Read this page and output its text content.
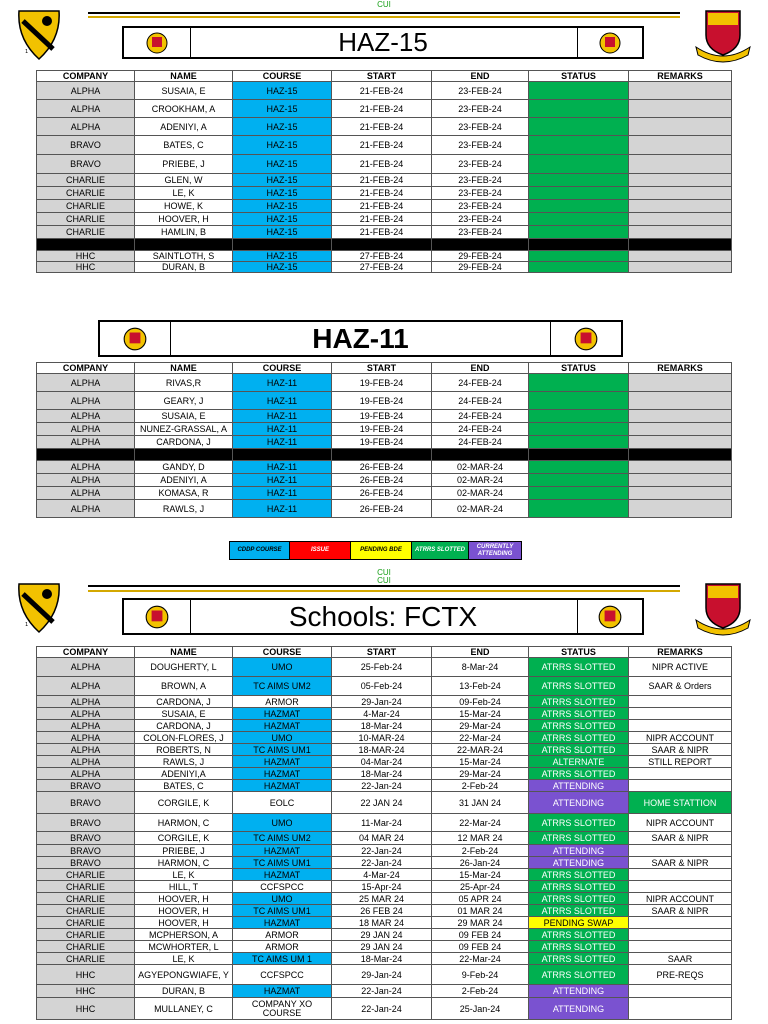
CUI
1	HAZ-15
COMPANY	NAME	COURSE	START	END	STATUS	REMARKS
ALPHA	SUSAIA, E	HAZ-15	21-FEB-24	23-FEB-24		
ALPHA	CROOKHAM, A	HAZ-15	21-FEB-24	23-FEB-24		
ALPHA	ADENIYI, A	HAZ-15	21-FEB-24	23-FEB-24		
BRAVO	BATES, C	HAZ-15	21-FEB-24	23-FEB-24		
BRAVO	PRIEBE, J	HAZ-15	21-FEB-24	23-FEB-24		
CHARLIE	GLEN, W	HAZ-15	21-FEB-24	23-FEB-24		
CHARLIE	LE, K	HAZ-15	21-FEB-24	23-FEB-24		
CHARLIE	HOWE, K	HAZ-15	21-FEB-24	23-FEB-24		
CHARLIE	HOOVER, H	HAZ-15	21-FEB-24	23-FEB-24		
CHARLIE	HAMLIN, B	HAZ-15	21-FEB-24	23-FEB-24		

HHC	SAINTLOTH, S	HAZ-15	27-FEB-24	29-FEB-24		
HHC	DURAN, B	HAZ-15	27-FEB-24	29-FEB-24		
HAZ-11
COMPANY	NAME	COURSE	START	END	STATUS	REMARKS
ALPHA	RIVAS,R	HAZ-11	19-FEB-24	24-FEB-24		
ALPHA	GEARY, J	HAZ-11	19-FEB-24	24-FEB-24		
ALPHA	SUSAIA, E	HAZ-11	19-FEB-24	24-FEB-24		
ALPHA	NUNEZ-GRASSAL, A	HAZ-11	19-FEB-24	24-FEB-24		
ALPHA	CARDONA, J	HAZ-11	19-FEB-24	24-FEB-24		

ALPHA	GANDY, D	HAZ-11	26-FEB-24	02-MAR-24		
ALPHA	ADENIYI, A	HAZ-11	26-FEB-24	02-MAR-24		
ALPHA	KOMASA, R	HAZ-11	26-FEB-24	02-MAR-24		
ALPHA	RAWLS, J	HAZ-11	26-FEB-24	02-MAR-24		
CDDP COURSE	ISSUE	PENDING BDE	ATRRS SLOTTED
CURRENTLY ATTENDING
CUI
CUI
1	Schools: FCTX
COMPANY	NAME	COURSE	START	END	STATUS	REMARKS
ALPHA	DOUGHERTY, L	UMO	25-Feb-24	8-Mar-24	ATRRS SLOTTED	NIPR ACTIVE
ALPHA	BROWN, A	TC AIMS UM2	05-Feb-24	13-Feb-24	ATRRS SLOTTED	SAAR & Orders
ALPHA	CARDONA, J	ARMOR	29-Jan-24	09-Feb-24	ATRRS SLOTTED	
ALPHA	SUSAIA, E	HAZMAT	4-Mar-24	15-Mar-24	ATRRS SLOTTED	
ALPHA	CARDONA, J	HAZMAT	18-Mar-24	29-Mar-24	ATRRS SLOTTED	
ALPHA	COLON-FLORES, J	UMO	10-MAR-24	22-Mar-24	ATRRS SLOTTED	NIPR ACCOUNT
ALPHA	ROBERTS, N	TC AIMS UM1	18-MAR-24	22-MAR-24	ATRRS SLOTTED	SAAR & NIPR
ALPHA	RAWLS, J	HAZMAT	04-Mar-24	15-Mar-24	ALTERNATE	STILL REPORT
ALPHA	ADENIYI,A	HAZMAT	18-Mar-24	29-Mar-24	ATRRS SLOTTED	
BRAVO	BATES, C	HAZMAT	22-Jan-24	2-Feb-24	ATTENDING	
BRAVO	CORGILE, K	EOLC	22 JAN 24	31 JAN 24	ATTENDING	HOME STATTION
BRAVO	HARMON, C	UMO	11-Mar-24	22-Mar-24	ATRRS SLOTTED	NIPR ACCOUNT
BRAVO	CORGILE, K	TC AIMS UM2	04 MAR 24	12 MAR 24	ATRRS SLOTTED	SAAR & NIPR
BRAVO	PRIEBE, J	HAZMAT	22-Jan-24	2-Feb-24	ATTENDING	
BRAVO	HARMON, C	TC AIMS UM1	22-Jan-24	26-Jan-24	ATTENDING	SAAR & NIPR
CHARLIE	LE, K	HAZMAT	4-Mar-24	15-Mar-24	ATRRS SLOTTED	
CHARLIE	HILL, T	CCFSPCC	15-Apr-24	25-Apr-24	ATRRS SLOTTED	
CHARLIE	HOOVER, H	UMO	25 MAR 24	05 APR 24	ATRRS SLOTTED	NIPR ACCOUNT
CHARLIE	HOOVER, H	TC AIMS UM1	26 FEB 24	01 MAR 24	ATRRS SLOTTED	SAAR & NIPR
CHARLIE	HOOVER, H	HAZMAT	18 MAR 24	29 MAR 24	PENDING SWAP	
CHARLIE	MCPHERSON, A	ARMOR	29 JAN 24	09 FEB 24	ATRRS SLOTTED	
CHARLIE	MCWHORTER, L	ARMOR	29 JAN 24	09 FEB 24	ATRRS SLOTTED	
CHARLIE	LE, K	TC AIMS UM 1	18-Mar-24	22-Mar-24	ATRRS SLOTTED	SAAR
HHC	AGYEPONGWIAFE, Y	CCFSPCC	29-Jan-24	9-Feb-24	ATRRS SLOTTED	PRE-REQS
HHC	DURAN, B	HAZMAT	22-Jan-24	2-Feb-24	ATTENDING	
HHC	MULLANEY, C	COMPANY XO COURSE	22-Jan-24	25-Jan-24	ATTENDING	
